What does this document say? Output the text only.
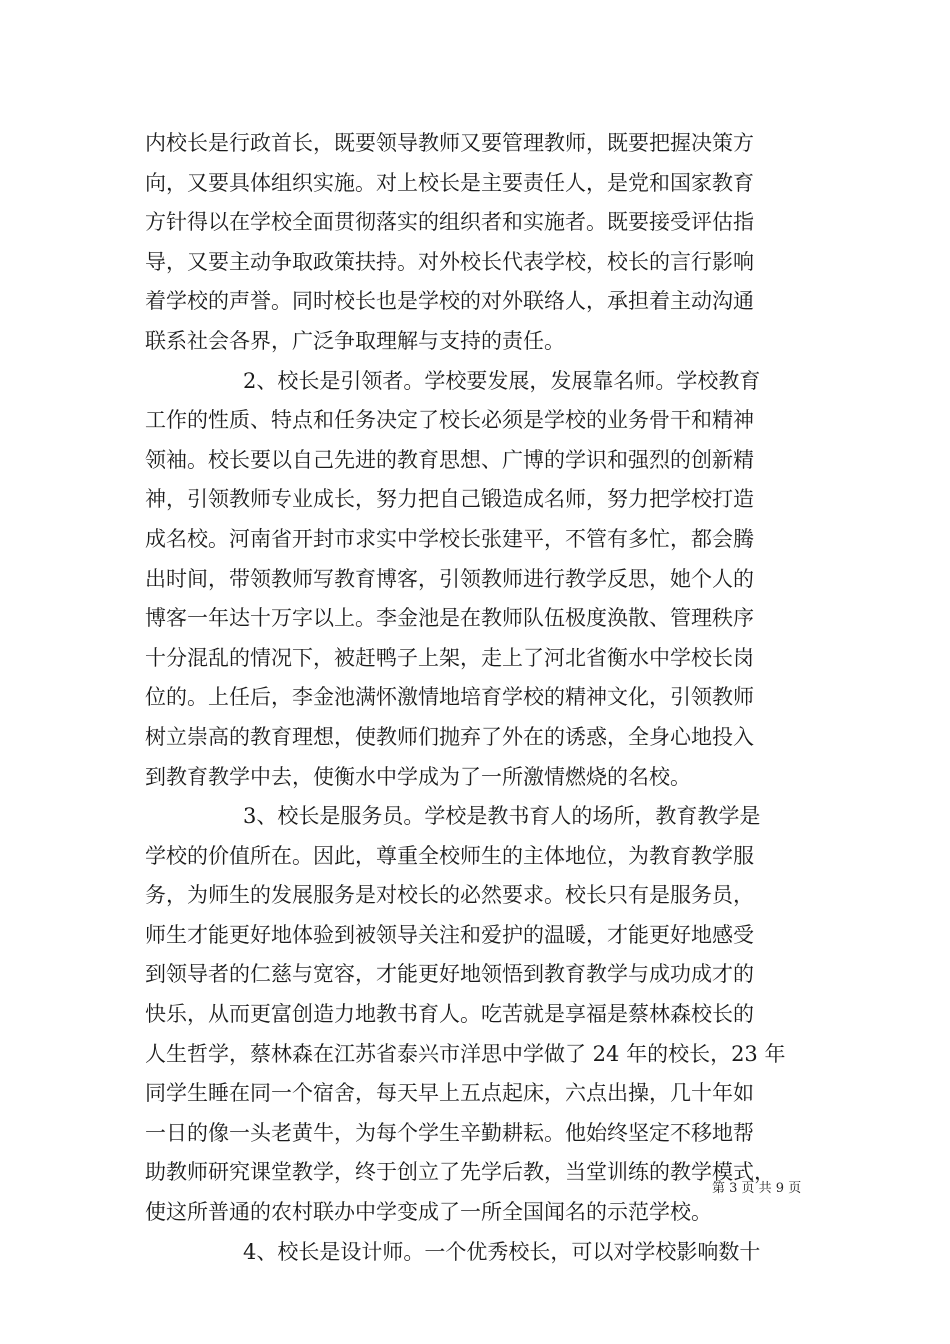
内校长是行政首长，既要领导教师又要管理教师，既要把握决策方
向，又要具体组织实施。对上校长是主要责任人，是党和国家教育
方针得以在学校全面贯彻落实的组织者和实施者。既要接受评估指
导，又要主动争取政策扶持。对外校长代表学校，校长的言行影响
着学校的声誉。同时校长也是学校的对外联络人，承担着主动沟通
联系社会各界，广泛争取理解与支持的责任。
2、校长是引领者。学校要发展，发展靠名师。学校教育
工作的性质、特点和任务决定了校长必须是学校的业务骨干和精神
领袖。校长要以自己先进的教育思想、广博的学识和强烈的创新精
神，引领教师专业成长，努力把自己锻造成名师，努力把学校打造
成名校。河南省开封市求实中学校长张建平，不管有多忙，都会腾
出时间，带领教师写教育博客，引领教师进行教学反思，她个人的
博客一年达十万字以上。李金池是在教师队伍极度涣散、管理秩序
十分混乱的情况下，被赶鸭子上架，走上了河北省衡水中学校长岗
位的。上任后，李金池满怀激情地培育学校的精神文化，引领教师
树立崇高的教育理想，使教师们抛弃了外在的诱惑，全身心地投入
到教育教学中去，使衡水中学成为了一所激情燃烧的名校。
3、校长是服务员。学校是教书育人的场所，教育教学是
学校的价值所在。因此，尊重全校师生的主体地位，为教育教学服
务，为师生的发展服务是对校长的必然要求。校长只有是服务员，
师生才能更好地体验到被领导关注和爱护的温暖，才能更好地感受
到领导者的仁慈与宽容，才能更好地领悟到教育教学与成功成才的
快乐，从而更富创造力地教书育人。吃苦就是享福是蔡林森校长的
人生哲学，蔡林森在江苏省泰兴市洋思中学做了 24 年的校长，23 年
同学生睡在同一个宿舍，每天早上五点起床，六点出操，几十年如
一日的像一头老黄牛，为每个学生辛勤耕耘。他始终坚定不移地帮
助教师研究课堂教学，终于创立了先学后教，当堂训练的教学模式，
使这所普通的农村联办中学变成了一所全国闻名的示范学校。
4、校长是设计师。一个优秀校长，可以对学校影响数十
第 3 页 共 9 页
